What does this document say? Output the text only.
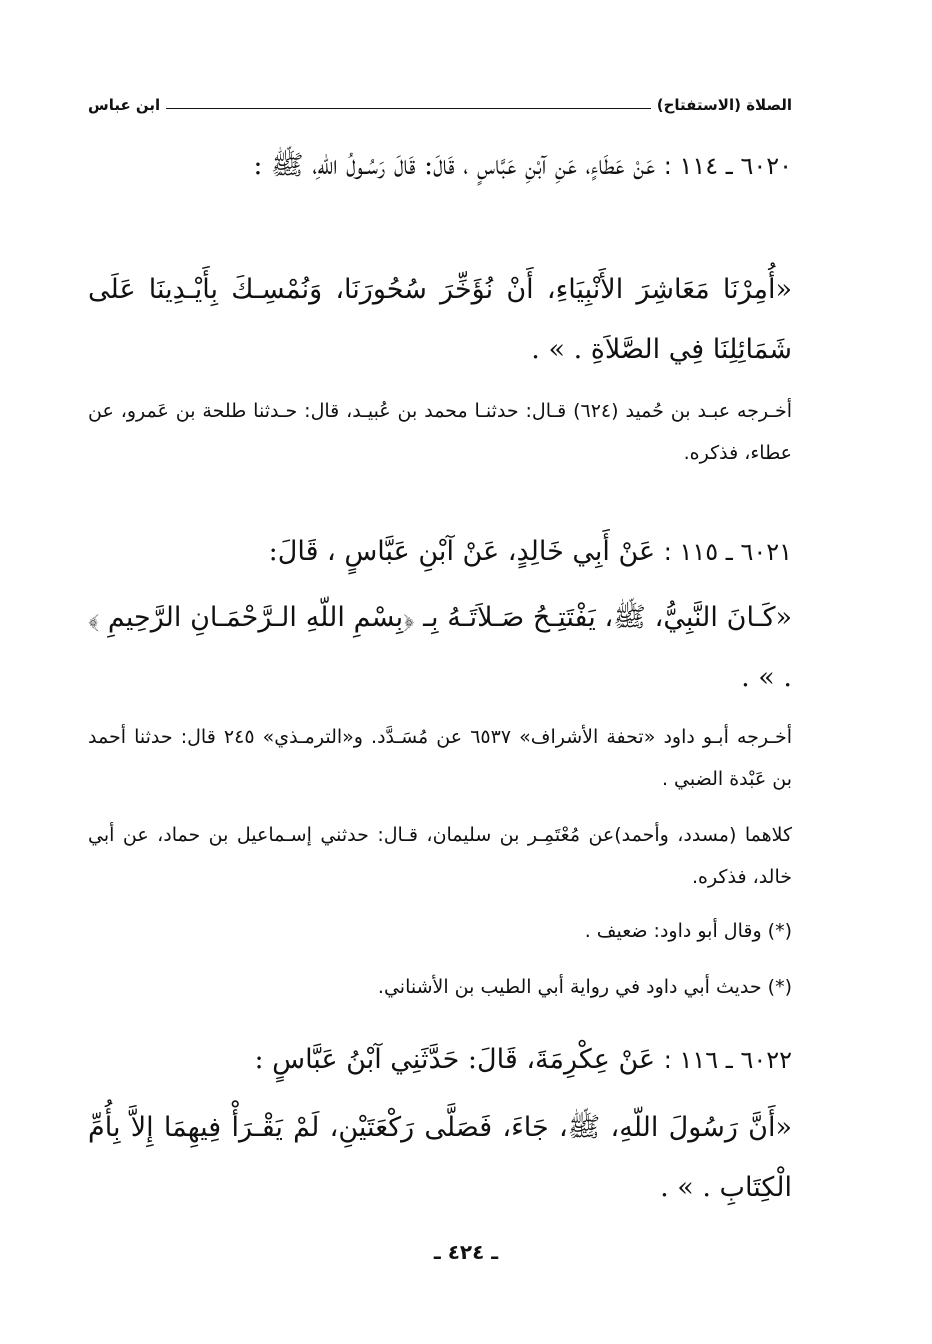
الصلاة (الاستفتاح)
ابن عباس
٦٠٢٠ ـ ١١٤ : عَنْ عَطَاءٍ، عَنِ آبْنِ عَبَّاسٍ ، قَالَ: قَالَ رَسُـولُ اللّهِ، ﷺ :
«أُمِرْنَا مَعَاشِرَ الأَنْبِيَاءِ، أَنْ نُؤَخِّرَ سُحُورَنَا، وَنُمْسِـكَ بِأَيْـدِينَا عَلَى شَمَائِلِنَا فِي الصَّلاَةِ . » .
أخـرجه عبـد بن حُميد (٦٢٤) قـال: حدثنـا محمد بن عُبيـد، قال: حـدثنا طلحة بن عَمرو، عن عطاء، فذكره.
٦٠٢١ ـ ١١٥ : عَنْ أَبِي خَالِدٍ، عَنْ آبْنِ عَبَّاسٍ ، قَالَ:
«كَـانَ النَّبِيُّ، ﷺ، يَفْتَتِـحُ صَـلاَتَـهُ بِـ ﴿بِسْمِ اللّهِ الـرَّحْمَـانِ الرَّحِيمِ ﴾ . » .
أخـرجه أبـو داود «تحفة الأشراف» ٦٥٣٧ عن مُسَـدَّد. و«الترمـذي» ٢٤٥ قال: حدثنا أحمد بن عَبْدة الضبي .
كلاهما (مسدد، وأحمد)عن مُعْتَمِـر بن سليمان، قـال: حدثني إسـماعيل بن حماد، عن أبي خالد، فذكره.
(*) وقال أبو داود: ضعيف .
(*) حديث أبي داود في رواية أبي الطيب بن الأشناني.
٦٠٢٢ ـ ١١٦ : عَنْ عِكْرِمَةَ، قَالَ: حَدَّثَنِي آبْنُ عَبَّاسٍ :
«أَنَّ رَسُولَ اللّهِ، ﷺ، جَاءَ، فَصَلَّى رَكْعَتَيْنِ، لَمْ يَقْـرَأْ فِيهِمَا إِلاَّ بِأُمِّ الْكِتَابِ . » .
ـ ٤٢٤ ـ
